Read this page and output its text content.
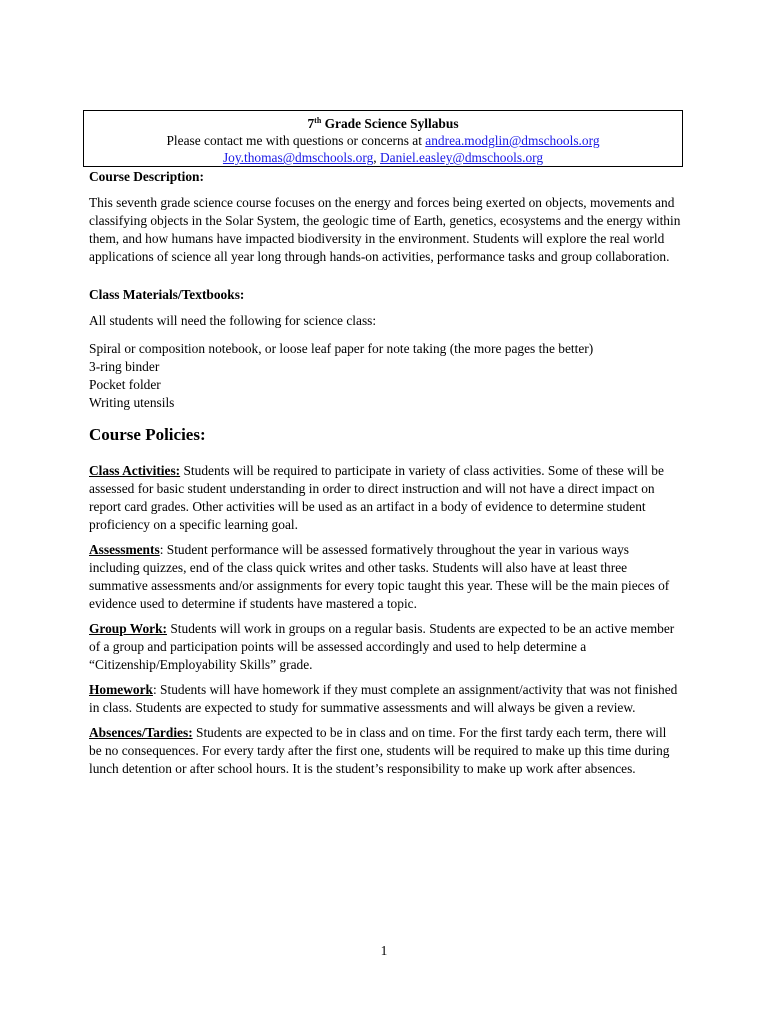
7th Grade Science Syllabus
Please contact me with questions or concerns at andrea.modglin@dmschools.org
Joy.thomas@dmschools.org, Daniel.easley@dmschools.org

Course Description:

This seventh grade science course focuses on the energy and forces being exerted on objects, movements and classifying objects in the Solar System, the geologic time of Earth, genetics, ecosystems and the energy within them, and how humans have impacted biodiversity in the environment. Students will explore the real world applications of science all year long through hands-on activities, performance tasks and group collaboration.

Class Materials/Textbooks:

All students will need the following for science class:

Spiral or composition notebook, or loose leaf paper for note taking (the more pages the better)
3-ring binder
Pocket folder
Writing utensils
Course Policies:

Class Activities: Students will be required to participate in variety of class activities. Some of these will be assessed for basic student understanding in order to direct instruction and will not have a direct impact on report card grades. Other activities will be used as an artifact in a body of evidence to determine student proficiency on a specific learning goal.

Assessments: Student performance will be assessed formatively throughout the year in various ways including quizzes, end of the class quick writes and other tasks. Students will also have at least three summative assessments and/or assignments for every topic taught this year. These will be the main pieces of evidence used to determine if students have mastered a topic.

Group Work: Students will work in groups on a regular basis. Students are expected to be an active member of a group and participation points will be assessed accordingly and used to help determine a “Citizenship/Employability Skills” grade.

Homework: Students will have homework if they must complete an assignment/activity that was not finished in class. Students are expected to study for summative assessments and will always be given a review.

Absences/Tardies: Students are expected to be in class and on time. For the first tardy each term, there will be no consequences. For every tardy after the first one, students will be required to make up this time during lunch detention or after school hours. It is the student’s responsibility to make up work after absences.

1
